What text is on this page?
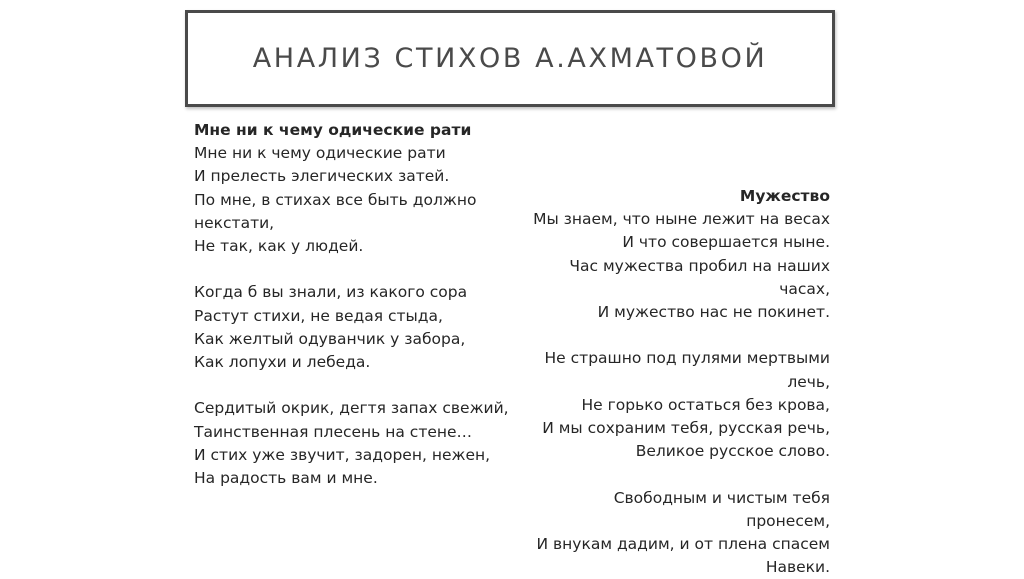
АНАЛИЗ СТИХОВ А.АХМАТОВОЙ
Мне ни к чему одические рати
Мне ни к чему одические рати
И прелесть элегических затей.
По мне, в стихах все быть должно
некстати,
Не так, как у людей.
Когда б вы знали, из какого сора
Растут стихи, не ведая стыда,
Как желтый одуванчик у забора,
Как лопухи и лебеда.
Сердитый окрик, дегтя запах свежий,
Таинственная плесень на стене…
И стих уже звучит, задорен, нежен,
На радость вам и мне.
Мужество
Мы знаем, что ныне лежит на весах
И что совершается ныне.
Час мужества пробил на наших
часах,
И мужество нас не покинет.
Не страшно под пулями мертвыми
лечь,
Не горько остаться без крова,
И мы сохраним тебя, русская речь,
Великое русское слово.
Свободным и чистым тебя
пронесем,
И внукам дадим, и от плена спасем
Навеки.
